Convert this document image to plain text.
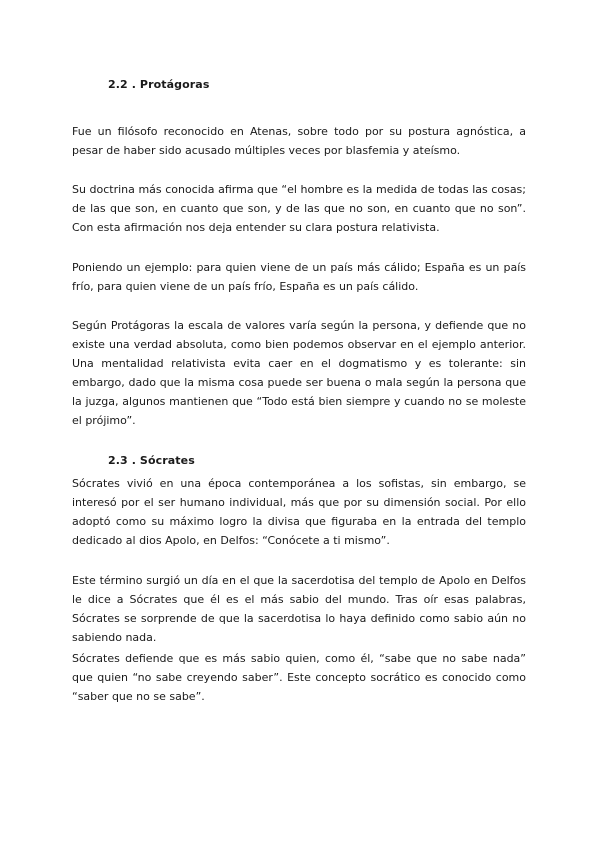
2.2 . Protágoras

Fue un filósofo reconocido en Atenas, sobre todo por su postura agnóstica, a pesar de haber sido acusado múltiples veces por blasfemia y ateísmo.

Su doctrina más conocida afirma que “el hombre es la medida de todas las cosas; de las que son, en cuanto que son, y de las que no son, en cuanto que no son”. Con esta afirmación nos deja entender su clara postura relativista.

Poniendo un ejemplo: para quien viene de un país más cálido; España es un país frío, para quien viene de un país frío, España es un país cálido.

Según Protágoras la escala de valores varía según la persona, y defiende que no existe una verdad absoluta, como bien podemos observar en el ejemplo anterior. Una mentalidad relativista evita caer en el dogmatismo y es tolerante: sin embargo, dado que la misma cosa puede ser buena o mala según la persona que la juzga, algunos mantienen que “Todo está bien siempre y cuando no se moleste el prójimo”.

2.3 . Sócrates

Sócrates vivió en una época contemporánea a los sofistas, sin embargo, se interesó por el ser humano individual, más que por su dimensión social. Por ello adoptó como su máximo logro la divisa que figuraba en la entrada del templo dedicado al dios Apolo, en Delfos: “Conócete a ti mismo”.

Este término surgió un día en el que la sacerdotisa del templo de Apolo en Delfos le dice a Sócrates que él es el más sabio del mundo. Tras oír esas palabras, Sócrates se sorprende de que la sacerdotisa lo haya definido como sabio aún no sabiendo nada.

Sócrates defiende que es más sabio quien, como él, “sabe que no sabe nada” que quien “no sabe creyendo saber”. Este concepto socrático es conocido como “saber que no se sabe”.
